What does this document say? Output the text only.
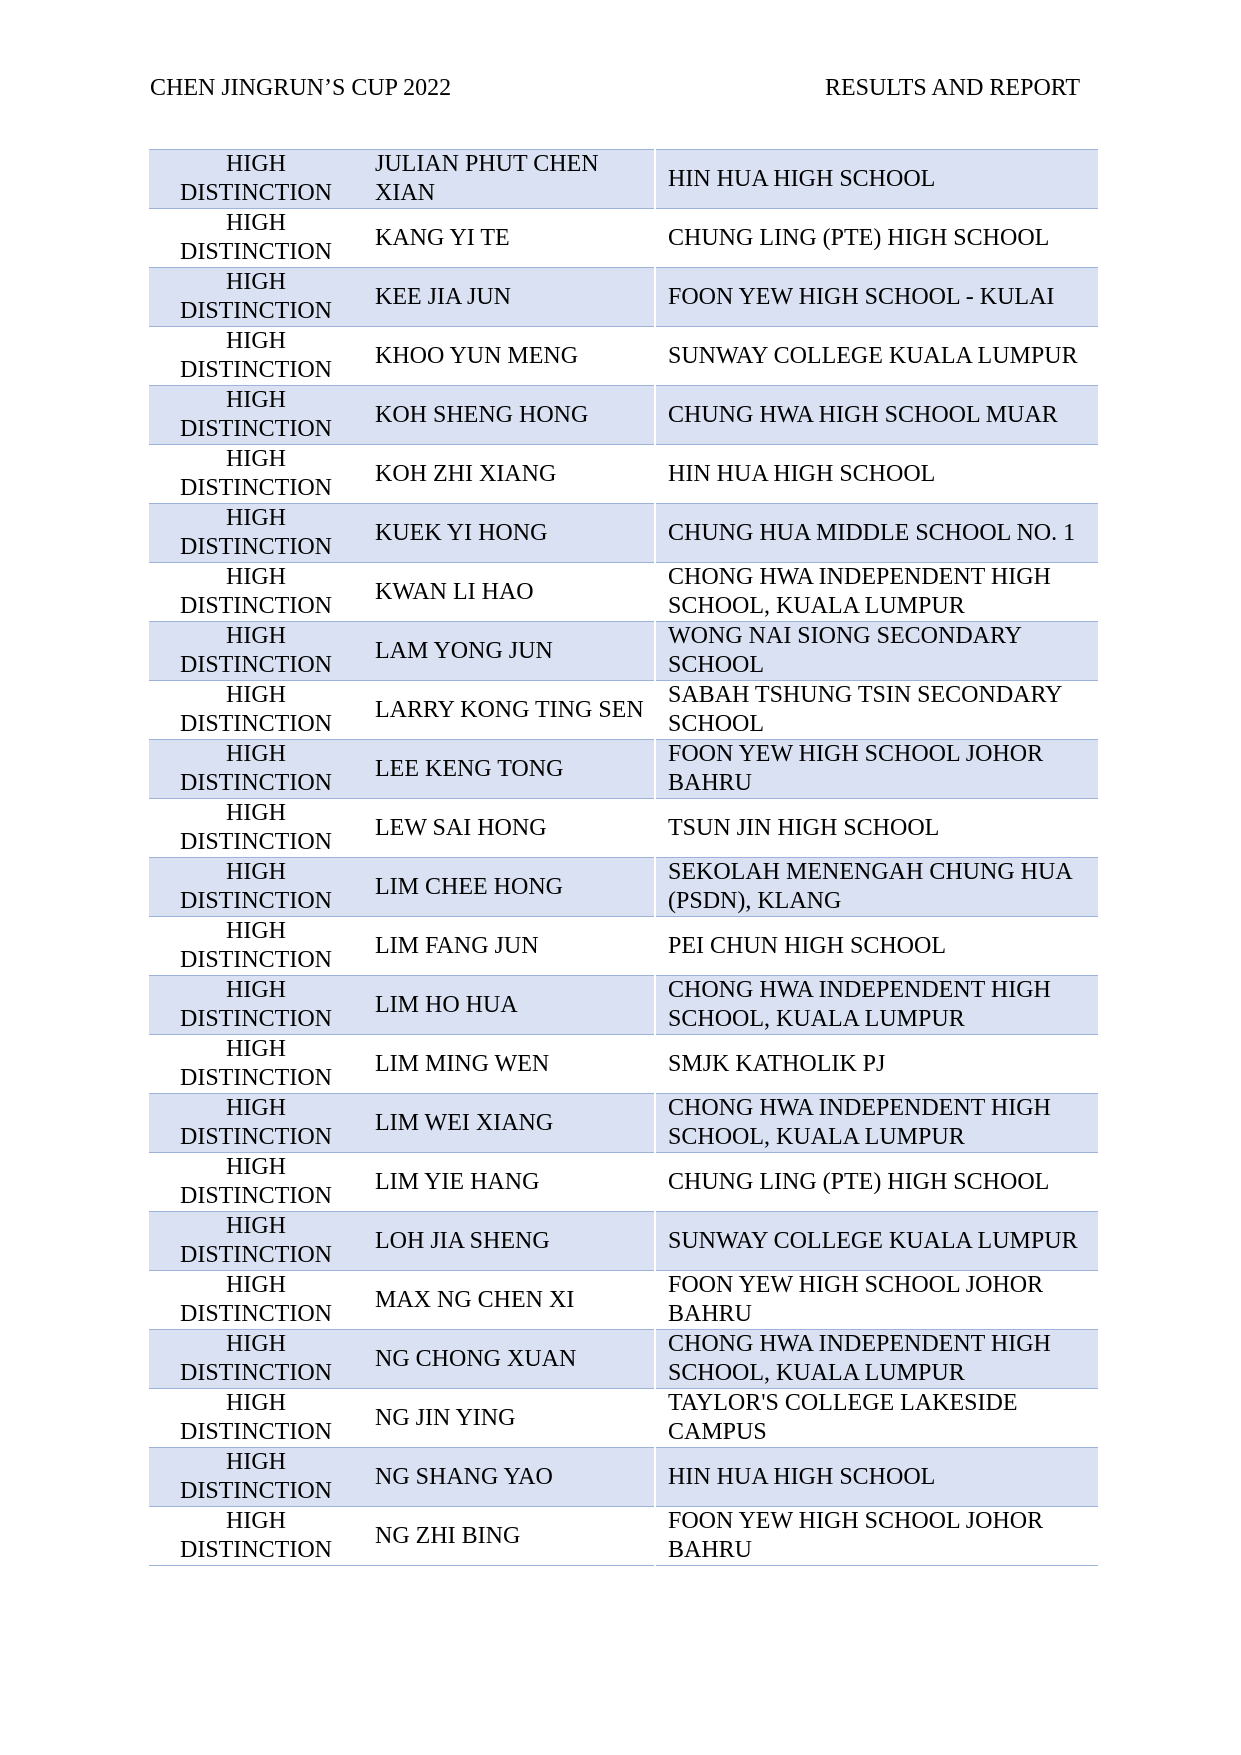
CHEN JINGRUN’S CUP 2022	RESULTS AND REPORT
HIGH DISTINCTION	JULIAN PHUT CHEN XIAN	HIN HUA HIGH SCHOOL
HIGH DISTINCTION	KANG YI TE	CHUNG LING (PTE) HIGH SCHOOL
HIGH DISTINCTION	KEE JIA JUN	FOON YEW HIGH SCHOOL - KULAI
HIGH DISTINCTION	KHOO YUN MENG	SUNWAY COLLEGE KUALA LUMPUR
HIGH DISTINCTION	KOH SHENG HONG	CHUNG HWA HIGH SCHOOL MUAR
HIGH DISTINCTION	KOH ZHI XIANG	HIN HUA HIGH SCHOOL
HIGH DISTINCTION	KUEK YI HONG	CHUNG HUA MIDDLE SCHOOL NO. 1
HIGH DISTINCTION	KWAN LI HAO	CHONG HWA INDEPENDENT HIGH SCHOOL, KUALA LUMPUR
HIGH DISTINCTION	LAM YONG JUN	WONG NAI SIONG SECONDARY SCHOOL
HIGH DISTINCTION	LARRY KONG TING SEN	SABAH TSHUNG TSIN SECONDARY SCHOOL
HIGH DISTINCTION	LEE KENG TONG	FOON YEW HIGH SCHOOL JOHOR BAHRU
HIGH DISTINCTION	LEW SAI HONG	TSUN JIN HIGH SCHOOL
HIGH DISTINCTION	LIM CHEE HONG	SEKOLAH MENENGAH CHUNG HUA (PSDN), KLANG
HIGH DISTINCTION	LIM FANG JUN	PEI CHUN HIGH SCHOOL
HIGH DISTINCTION	LIM HO HUA	CHONG HWA INDEPENDENT HIGH SCHOOL, KUALA LUMPUR
HIGH DISTINCTION	LIM MING WEN	SMJK KATHOLIK PJ
HIGH DISTINCTION	LIM WEI XIANG	CHONG HWA INDEPENDENT HIGH SCHOOL, KUALA LUMPUR
HIGH DISTINCTION	LIM YIE HANG	CHUNG LING (PTE) HIGH SCHOOL
HIGH DISTINCTION	LOH JIA SHENG	SUNWAY COLLEGE KUALA LUMPUR
HIGH DISTINCTION	MAX NG CHEN XI	FOON YEW HIGH SCHOOL JOHOR BAHRU
HIGH DISTINCTION	NG CHONG XUAN	CHONG HWA INDEPENDENT HIGH SCHOOL, KUALA LUMPUR
HIGH DISTINCTION	NG JIN YING	TAYLOR'S COLLEGE LAKESIDE CAMPUS
HIGH DISTINCTION	NG SHANG YAO	HIN HUA HIGH SCHOOL
HIGH DISTINCTION	NG ZHI BING	FOON YEW HIGH SCHOOL JOHOR BAHRU
